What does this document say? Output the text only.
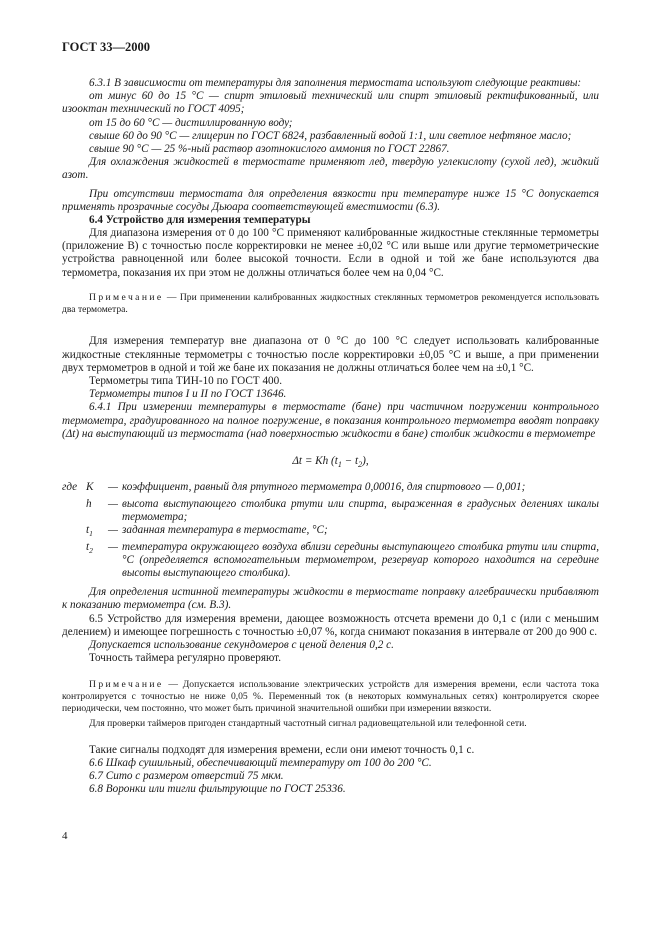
ГОСТ 33—2000

6.3.1 В зависимости от температуры для заполнения термостата используют следующие реактивы:

от минус 60 до 15 °С — спирт этиловый технический или спирт этиловый ректификованный, или изооктан технический по ГОСТ 4095;

от 15 до 60 °С — дистиллированную воду;

свыше 60 до 90 °С — глицерин по ГОСТ 6824, разбавленный водой 1:1, или светлое нефтяное масло;

свыше 90 °С — 25 %-ный раствор азотнокислого аммония по ГОСТ 22867.

Для охлаждения жидкостей в термостате применяют лед, твердую углекислоту (сухой лед), жидкий азот.

При отсутствии термостата для определения вязкости при температуре ниже 15 °С допускается применять прозрачные сосуды Дьюара соответствующей вместимости (6.3).

6.4 Устройство для измерения температуры

Для диапазона измерения от 0 до 100 °С применяют калиброванные жидкостные стеклянные термометры (приложение В) с точностью после корректировки не менее ±0,02 °С или выше или другие термометрические устройства равноценной или более высокой точности. Если в одной и той же бане используются два термометра, показания их при этом не должны отличаться более чем на 0,04 °С.

Примечание — При применении калиброванных жидкостных стеклянных термометров рекомендуется использовать два термометра.

Для измерения температур вне диапазона от 0 °С до 100 °С следует использовать калиброванные жидкостные стеклянные термометры с точностью после корректировки ±0,05 °С и выше, а при применении двух термометров в одной и той же бане их показания не должны отличаться более чем на ±0,1 °С.

Термометры типа ТИН-10 по ГОСТ 400.

Термометры типов I и II по ГОСТ 13646.

6.4.1 При измерении температуры в термостате (бане) при частичном погружении контрольного термометра, градуированного на полное погружение, в показания контрольного термометра вводят поправку (Δt) на выступающий из термостата (над поверхностью жидкости в бане) столбик жидкости в термометре

Δt = Kh $(t_1 - t_2)$,
где	K	—	коэффициент, равный для ртутного термометра 0,00016, для спиртового — 0,001;
	h	—	высота выступающего столбика ртути или спирта, выраженная в градусных делениях шкалы термометра;
	$t_1$	—	заданная температура в термостате, °С;
	$t_2$	—	температура окружающего воздуха вблизи середины выступающего столбика ртути или спирта, °С (определяется вспомогательным термометром, резервуар которого находится на середине высоты выступающего столбика).

Для определения истинной температуры жидкости в термостате поправку алгебраически прибавляют к показанию термометра (см. В.3).

6.5 Устройство для измерения времени, дающее возможность отсчета времени до 0,1 с (или с меньшим делением) и имеющее погрешность с точностью ±0,07 %, когда снимают показания в интервале от 200 до 900 с.

Допускается использование секундомеров с ценой деления 0,2 с.

Точность таймера регулярно проверяют.

Примечание — Допускается использование электрических устройств для измерения времени, если частота тока контролируется с точностью не ниже 0,05 %. Переменный ток (в некоторых коммунальных сетях) контролируется скорее периодически, чем постоянно, что может быть причиной значительной ошибки при измерении вязкости.

Для проверки таймеров пригоден стандартный частотный сигнал радиовещательной или телефонной сети.

Такие сигналы подходят для измерения времени, если они имеют точность 0,1 с.

6.6 Шкаф сушильный, обеспечивающий температуру от 100 до 200 °С.

6.7 Сито с размером отверстий 75 мкм.

6.8 Воронки или тигли фильтрующие по ГОСТ 25336.

4
